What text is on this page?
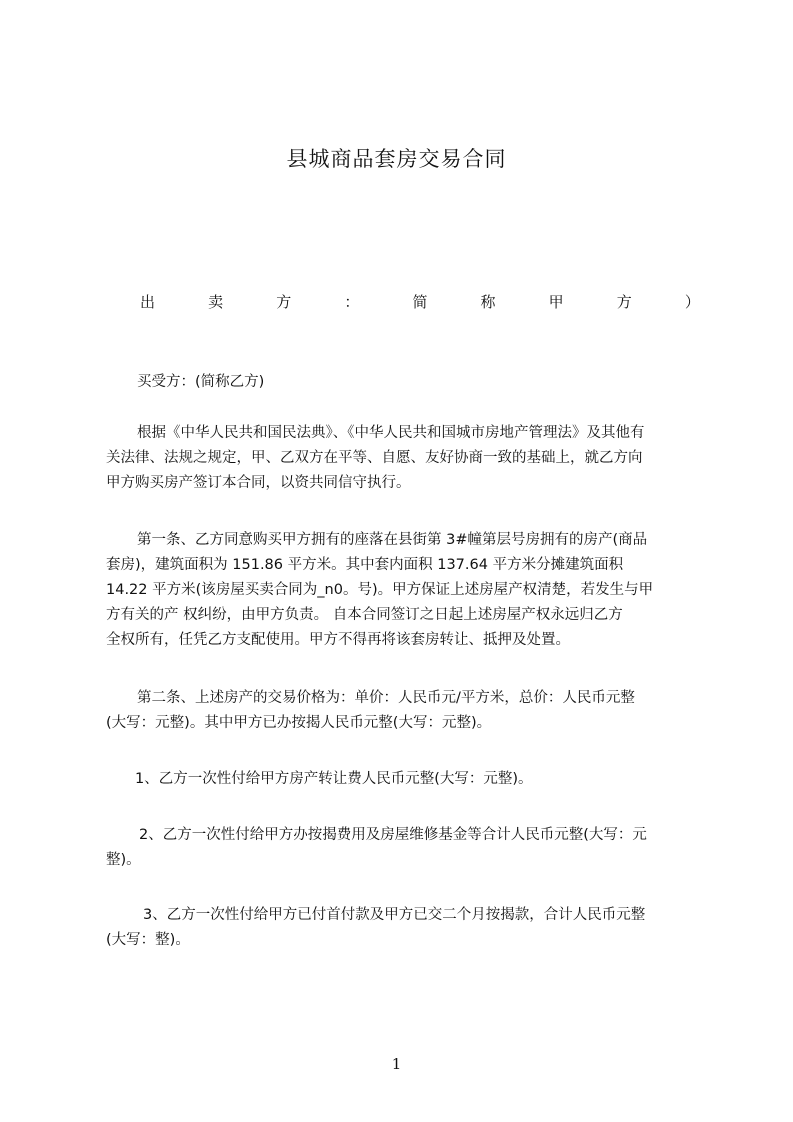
县城商品套房交易合同
出	卖	方	：	简	称	甲	方	）
买受方：(简称乙方)
根据《中华人民共和国民法典》、《中华人民共和国城市房地产管理法》及其他有
关法律、法规之规定，甲、乙双方在平等、自愿、友好协商一致的基础上，就乙方向
甲方购买房产签订本合同，以资共同信守执行。
第一条、乙方同意购买甲方拥有的座落在县街第 3#幢第层号房拥有的房产(商品
套房)，建筑面积为 151.86 平方米。其中套内面积 137.64 平方米分摊建筑面积
14.22 平方米(该房屋买卖合同为_n0。号)。甲方保证上述房屋产权清楚，若发生与甲
方有关的产 权纠纷，由甲方负责。 自本合同签订之日起上述房屋产权永远归乙方
全权所有，任凭乙方支配使用。甲方不得再将该套房转让、抵押及处置。
第二条、上述房产的交易价格为：单价：人民币元/平方米，总价：人民币元整
(大写：元整)。其中甲方已办按揭人民币元整(大写：元整)。
1、乙方一次性付给甲方房产转让费人民币元整(大写：元整)。
2、乙方一次性付给甲方办按揭费用及房屋维修基金等合计人民币元整(大写：元
整)。
3、乙方一次性付给甲方已付首付款及甲方已交二个月按揭款，合计人民币元整
(大写：整)。
1
